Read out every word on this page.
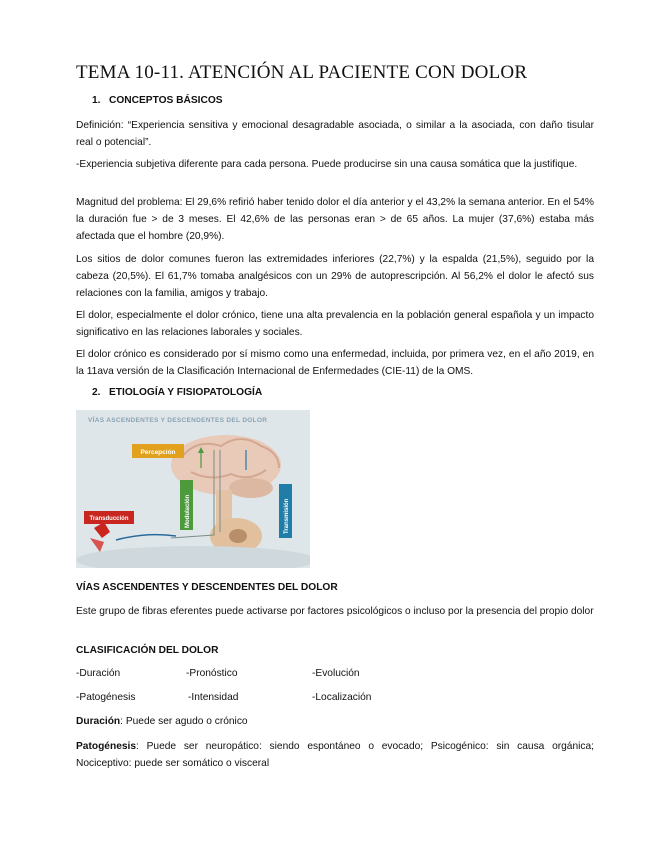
TEMA 10-11. ATENCIÓN AL PACIENTE CON DOLOR
1.   CONCEPTOS BÁSICOS
Definición: “Experiencia sensitiva y emocional desagradable asociada, o similar a la asociada, con daño tisular real o potencial”.
-Experiencia subjetiva diferente para cada persona. Puede producirse sin una causa somática que la justifique.
Magnitud del problema: El 29,6% refirió haber tenido dolor el día anterior y el 43,2% la semana anterior. En el 54% la duración fue > de 3 meses. El 42,6% de las personas eran > de 65 años. La mujer (37,6%) estaba más afectada que el hombre (20,9%).
Los sitios de dolor comunes fueron las extremidades inferiores (22,7%) y la espalda (21,5%), seguido por la cabeza (20,5%). El 61,7% tomaba analgésicos con un 29% de autoprescripción. Al 56,2% el dolor le afectó sus relaciones con la familia, amigos y trabajo.
El dolor, especialmente el dolor crónico, tiene una alta prevalencia en la población general española y un impacto significativo en las relaciones laborales y sociales.
El dolor crónico es considerado por sí mismo como una enfermedad, incluida, por primera vez, en el año 2019, en la 11ava versión de la Clasificación Internacional de Enfermedades (CIE-11) de la OMS.
2.   ETIOLOGÍA Y FISIOPATOLOGÍA
VÍAS ASCENDENTES Y DESCENDENTES DEL DOLOR
Percepción
Modulación	Transmisión
Transducción
VÍAS ASCENDENTES Y DESCENDENTES DEL DOLOR
Este grupo de fibras eferentes puede activarse por factores psicológicos o incluso por la presencia del propio dolor
CLASIFICACIÓN DEL DOLOR
-Duración	-Pronóstico	-Evolución
-Patogénesis	-Intensidad	-Localización
Duración: Puede ser agudo o crónico
Patogénesis: Puede ser neuropático: siendo espontáneo o evocado; Psicogénico: sin causa orgánica; Nociceptivo: puede ser somático o visceral
